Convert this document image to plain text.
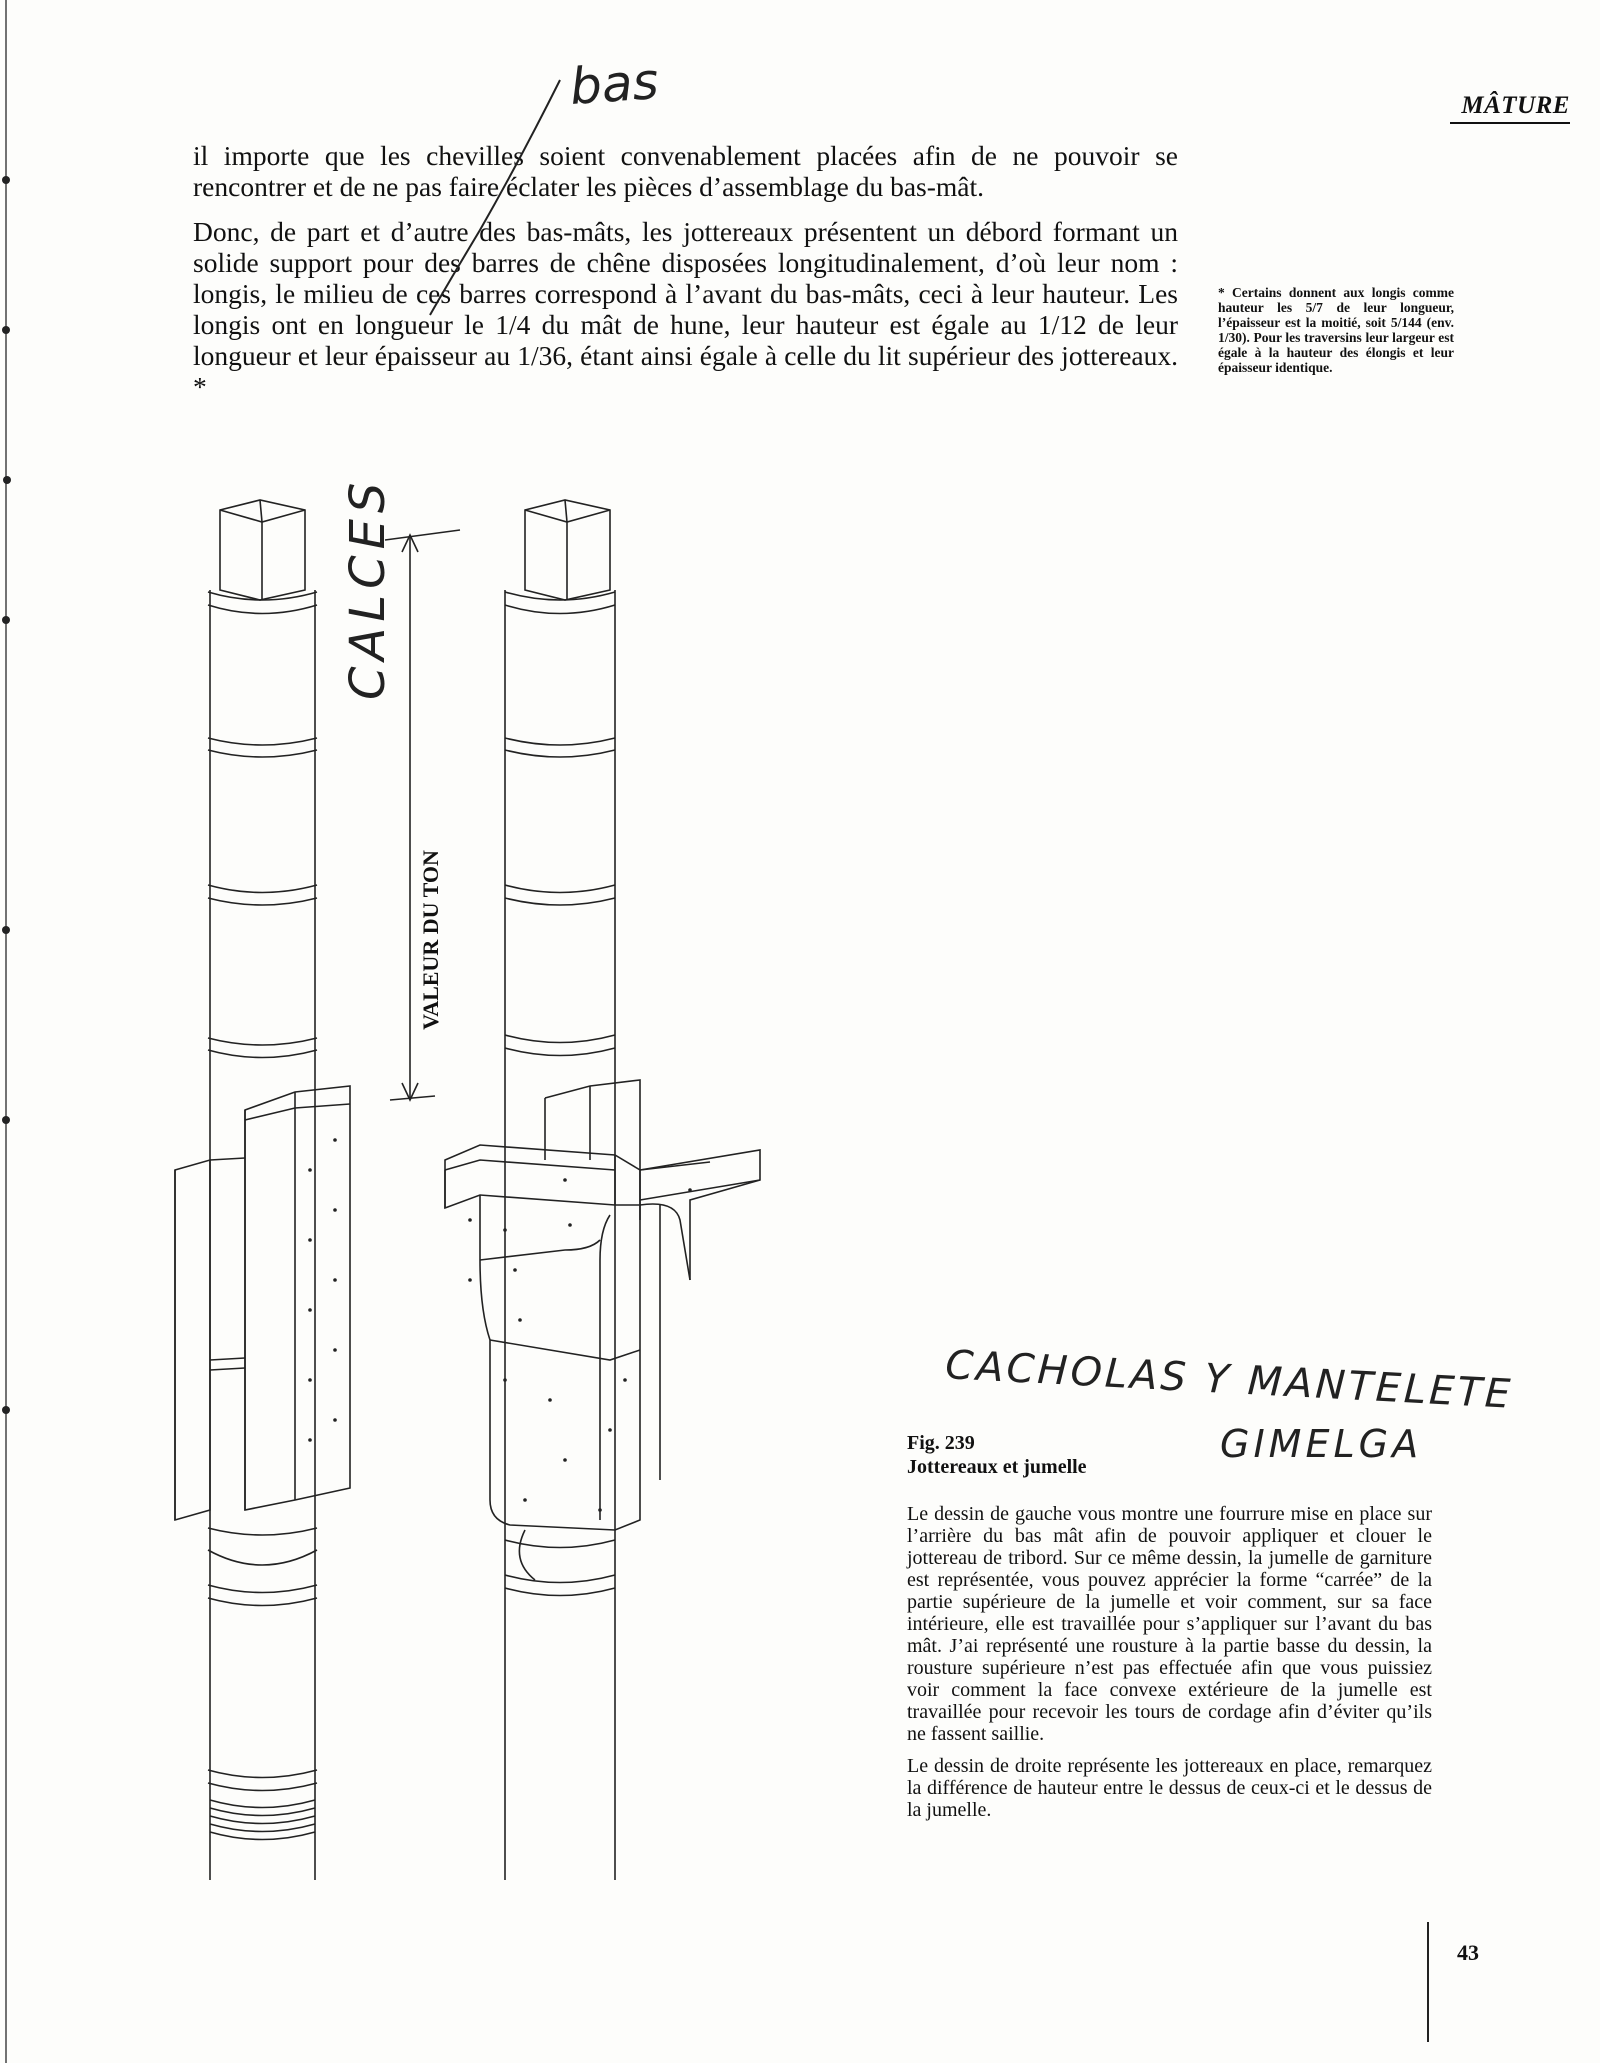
MÂTURE

il importe que les chevilles soient convenablement placées afin de ne pouvoir se rencontrer et de ne pas faire éclater les pièces d’assemblage du bas-mât.

Donc, de part et d’autre des bas-mâts, les jottereaux présentent un débord formant un solide support pour des barres de chêne disposées longitudinalement, d’où leur nom : longis, le milieu de ces barres correspond à l’avant du bas-mâts, ceci à leur hauteur. Les longis ont en longueur le 1/4 du mât de hune, leur hauteur est égale au 1/12 de leur longueur et leur épaisseur au 1/36, étant ainsi égale à celle du lit supérieur des jottereaux. *

* Certains donnent aux longis comme hauteur les 5/7 de leur longueur, l’épaisseur est la moitié, soit 5/144 (env. 1/30). Pour les traversins leur largeur est égale à la hauteur des élongis et leur épaisseur identique.
bas
VALEUR DU TON
CALCES
CACHOLAS Y MANTELETE
GIMELGA
Fig. 239
Jottereaux et jumelle

Le dessin de gauche vous montre une fourrure mise en place sur l’arrière du bas mât afin de pouvoir appliquer et clouer le jottereau de tribord. Sur ce même dessin, la jumelle de garniture est représentée, vous pouvez apprécier la forme “carrée” de la partie supérieure de la jumelle et voir comment, sur sa face intérieure, elle est travaillée pour s’appliquer sur l’avant du bas mât. J’ai représenté une rousture à la partie basse du dessin, la rousture supérieure n’est pas effectuée afin que vous puissiez voir comment la face convexe extérieure de la jumelle est travaillée pour recevoir les tours de cordage afin d’éviter qu’ils ne fassent saillie.

Le dessin de droite représente les jottereaux en place, remarquez la différence de hauteur entre le dessus de ceux-ci et le dessus de la jumelle.

43
